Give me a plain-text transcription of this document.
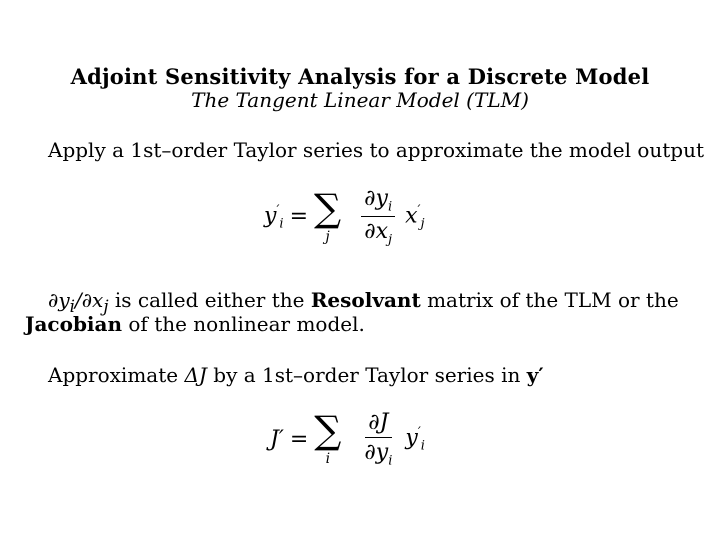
Adjoint Sensitivity Analysis for a Discrete Model
The Tangent Linear Model (TLM)
Apply a 1st–order Taylor series to approximate the model output
$y'_i$ = ∑
j $\frac{\partial y_i}{\partial x_j} x'_j$
$\partial y_i/\partial x_j$ is called either the Resolvant matrix of the TLM or the
Jacobian of the nonlinear model.
Approximate ΔJ by a 1st–order Taylor series in y′
J′ = ∑
i $\frac{\partial J}{\partial y_i} y'_i$
